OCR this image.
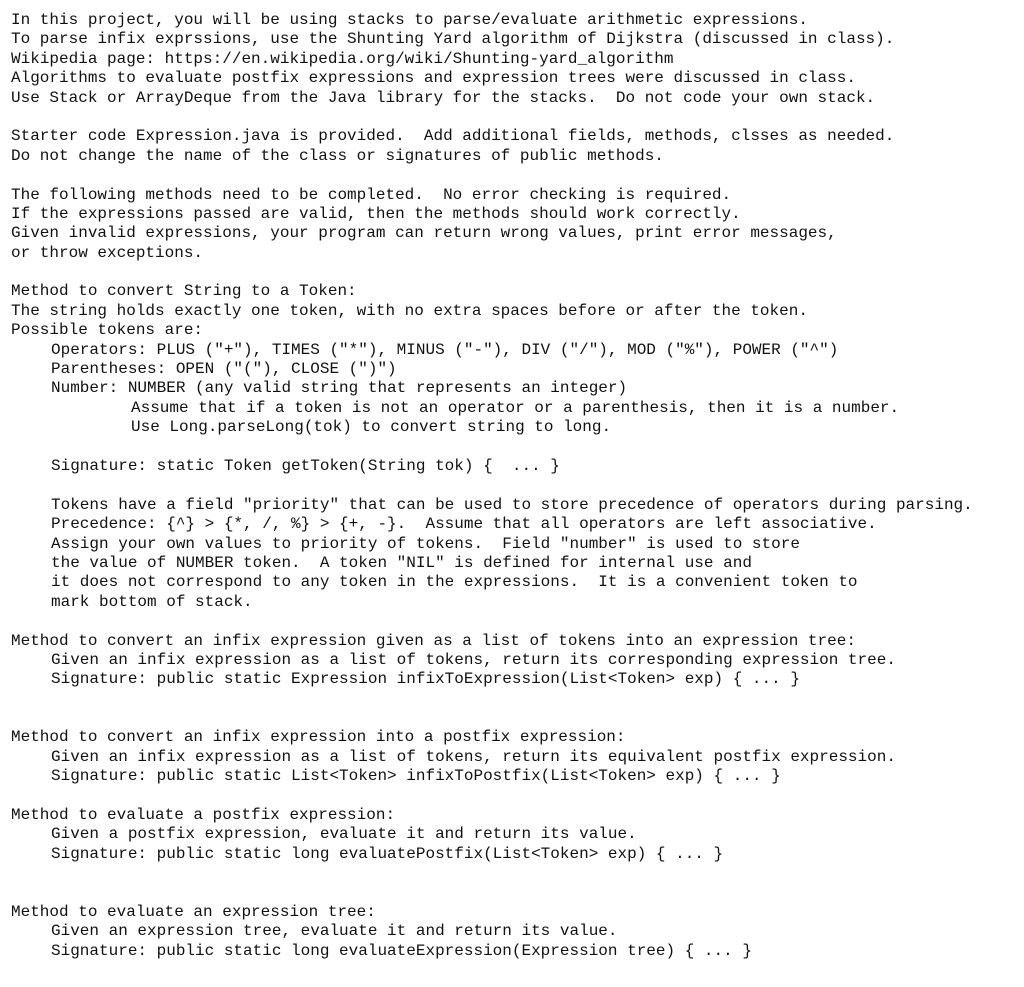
In this project, you will be using stacks to parse/evaluate arithmetic expressions.
To parse infix exprssions, use the Shunting Yard algorithm of Dijkstra (discussed in class).
Wikipedia page: https://en.wikipedia.org/wiki/Shunting-yard_algorithm
Algorithms to evaluate postfix expressions and expression trees were discussed in class.
Use Stack or ArrayDeque from the Java library for the stacks.  Do not code your own stack.
Starter code Expression.java is provided.  Add additional fields, methods, clsses as needed.
Do not change the name of the class or signatures of public methods.
The following methods need to be completed.  No error checking is required.
If the expressions passed are valid, then the methods should work correctly.
Given invalid expressions, your program can return wrong values, print error messages,
or throw exceptions.
Method to convert String to a Token:
The string holds exactly one token, with no extra spaces before or after the token.
Possible tokens are:
Operators: PLUS ("+"), TIMES ("*"), MINUS ("-"), DIV ("/"), MOD ("%"), POWER ("^")
Parentheses: OPEN ("("), CLOSE (")")
Number: NUMBER (any valid string that represents an integer)
Assume that if a token is not an operator or a parenthesis, then it is a number.
Use Long.parseLong(tok) to convert string to long.
Signature: static Token getToken(String tok) {  ... }
Tokens have a field "priority" that can be used to store precedence of operators during parsing.
Precedence: {^} > {*, /, %} > {+, -}.  Assume that all operators are left associative.
Assign your own values to priority of tokens.  Field "number" is used to store
the value of NUMBER token.  A token "NIL" is defined for internal use and
it does not correspond to any token in the expressions.  It is a convenient token to
mark bottom of stack.
Method to convert an infix expression given as a list of tokens into an expression tree:
Given an infix expression as a list of tokens, return its corresponding expression tree.
Signature: public static Expression infixToExpression(List<Token> exp) { ... }
Method to convert an infix expression into a postfix expression:
Given an infix expression as a list of tokens, return its equivalent postfix expression.
Signature: public static List<Token> infixToPostfix(List<Token> exp) { ... }
Method to evaluate a postfix expression:
Given a postfix expression, evaluate it and return its value.
Signature: public static long evaluatePostfix(List<Token> exp) { ... }
Method to evaluate an expression tree:
Given an expression tree, evaluate it and return its value.
Signature: public static long evaluateExpression(Expression tree) { ... }
